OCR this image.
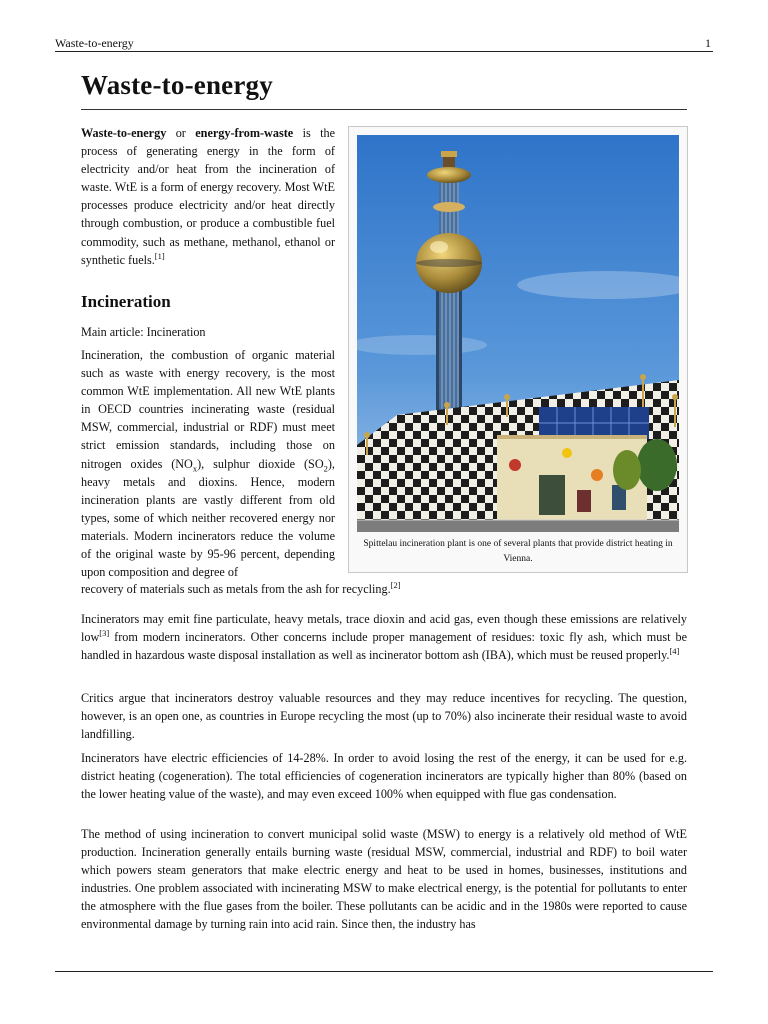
Waste-to-energy	1
Waste-to-energy

Waste-to-energy or energy-from-waste is the process of generating energy in the form of electricity and/or heat from the incineration of waste. WtE is a form of energy recovery. Most WtE processes produce electricity and/or heat directly through combustion, or produce a combustible fuel commodity, such as methane, methanol, ethanol or synthetic fuels.[1]

Incineration

Main article: Incineration

Incineration, the combustion of organic material such as waste with energy recovery, is the most common WtE implementation. All new WtE plants in OECD countries incinerating waste (residual MSW, commercial, industrial or RDF) must meet strict emission standards, including those on nitrogen oxides $(NO_x)$, sulphur dioxide $(SO_2)$, heavy metals and dioxins. Hence, modern incineration plants are vastly different from old types, some of which neither recovered energy nor materials. Modern incinerators reduce the volume of the original waste by 95-96 percent, depending upon composition and degree of

recovery of materials such as metals from the ash for recycling.[2]

Incinerators may emit fine particulate, heavy metals, trace dioxin and acid gas, even though these emissions are relatively low[3] from modern incinerators. Other concerns include proper management of residues: toxic fly ash, which must be handled in hazardous waste disposal installation as well as incinerator bottom ash (IBA), which must be reused properly.[4]

Critics argue that incinerators destroy valuable resources and they may reduce incentives for recycling. The question, however, is an open one, as countries in Europe recycling the most (up to 70%) also incinerate their residual waste to avoid landfilling.

Incinerators have electric efficiencies of 14-28%. In order to avoid losing the rest of the energy, it can be used for e.g. district heating (cogeneration). The total efficiencies of cogeneration incinerators are typically higher than 80% (based on the lower heating value of the waste), and may even exceed 100% when equipped with flue gas condensation.

The method of using incineration to convert municipal solid waste (MSW) to energy is a relatively old method of WtE production. Incineration generally entails burning waste (residual MSW, commercial, industrial and RDF) to boil water which powers steam generators that make electric energy and heat to be used in homes, businesses, institutions and industries. One problem associated with incinerating MSW to make electrical energy, is the potential for pollutants to enter the atmosphere with the flue gases from the boiler. These pollutants can be acidic and in the 1980s were reported to cause environmental damage by turning rain into acid rain. Since then, the industry has

Spittelau incineration plant is one of several plants that provide district heating in Vienna.
